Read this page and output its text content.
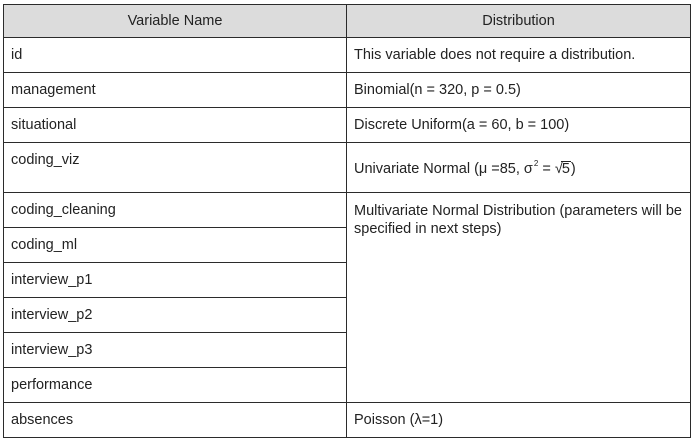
Variable Name	Distribution
id	This variable does not require a distribution.
management	Binomial(n = 320, p = 0.5)
situational	Discrete Uniform(a = 60, b = 100)
coding_viz	Univariate Normal (μ =85, $\sigma^2 = √5$)
coding_cleaning	Multivariate Normal Distribution (parameters will be specified in next steps)
coding_ml	
interview_p1	
interview_p2	
interview_p3	
performance	
absences	Poisson (λ=1)
